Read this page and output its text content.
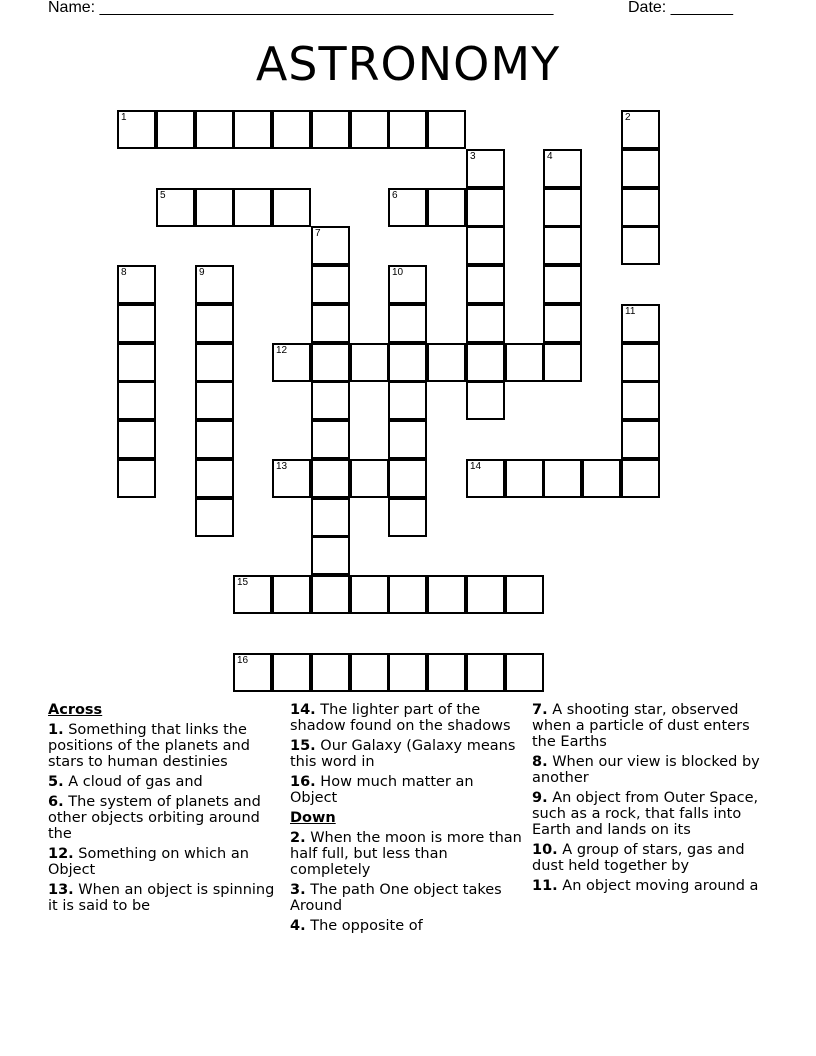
Name: ___________________________________________________

	Date: _______

ASTRONOMY
1	2
3	4
5	6
7
8	9	10
11
12
13	14
15
16
Across
1. Something that links the positions of the planets and stars to human destinies
5. A cloud of gas and
6. The system of planets and other objects orbiting around the
12. Something on which an Object
13. When an object is spinning it is said to be
14. The lighter part of the shadow found on the shadows
15. Our Galaxy (Galaxy means this word in
16. How much matter an Object
Down
2. When the moon is more than half full, but less than completely
3. The path One object takes Around
4. The opposite of
7. A shooting star, observed when a particle of dust enters the Earths
8. When our view is blocked by another
9. An object from Outer Space, such as a rock, that falls into Earth and lands on its
10. A group of stars, gas and dust held together by
11. An object moving around a
